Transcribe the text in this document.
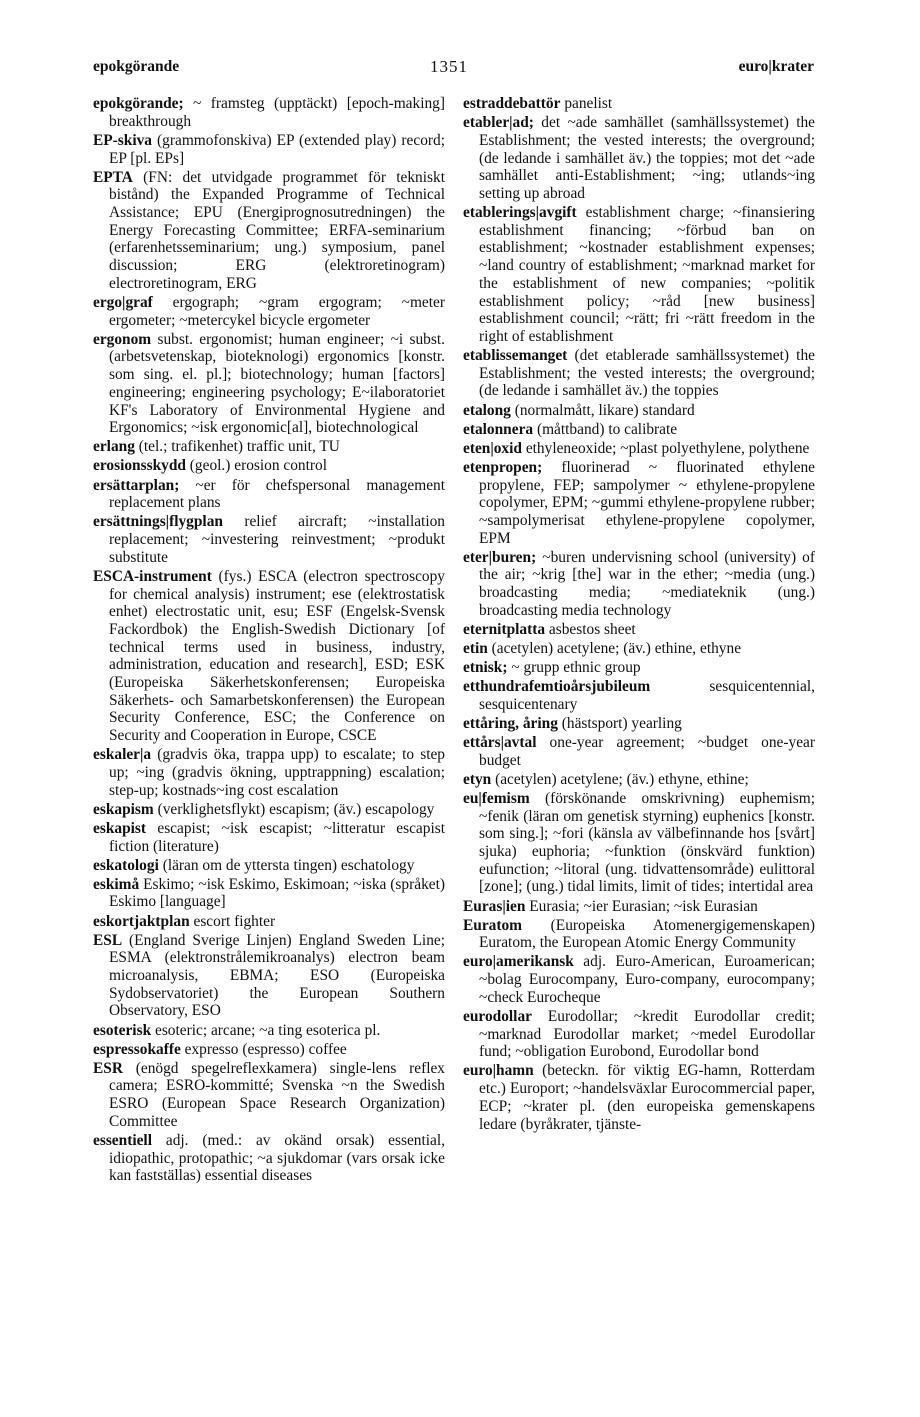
epokgörande	1351	euro|krater

epokgörande; ~ framsteg (upptäckt) [epoch-making] breakthrough

EP-skiva (grammofonskiva) EP (extended play) record; EP [pl. EPs]

EPTA (FN: det utvidgade programmet för tekniskt bistånd) the Expanded Programme of Technical Assistance; EPU (Energiprognosutredningen) the Energy Forecasting Committee; ERFA-seminarium (erfarenhetsseminarium; ung.) symposium, panel discussion; ERG (elektroretinogram) electroretinogram, ERG

ergo|graf ergograph; ~gram ergogram; ~meter ergometer; ~metercykel bicycle ergometer

ergonom subst. ergonomist; human engineer; ~i subst. (arbetsvetenskap, bioteknologi) ergonomics [konstr. som sing. el. pl.]; biotechnology; human [factors] engineering; engineering psychology; E~ilaboratoriet KF's Laboratory of Environmental Hygiene and Ergonomics; ~isk ergonomic[al], biotechnological

erlang (tel.; trafikenhet) traffic unit, TU

erosionsskydd (geol.) erosion control

ersättarplan; ~er för chefspersonal management replacement plans

ersättnings|flygplan relief aircraft; ~installation replacement; ~investering reinvestment; ~produkt substitute

ESCA-instrument (fys.) ESCA (electron spectroscopy for chemical analysis) instrument; ese (elektrostatisk enhet) electrostatic unit, esu; ESF (Engelsk-Svensk Fackordbok) the English-Swedish Dictionary [of technical terms used in business, industry, administration, education and research], ESD; ESK (Europeiska Säkerhetskonferensen; Europeiska Säkerhets- och Samarbetskonferensen) the European Security Conference, ESC; the Conference on Security and Cooperation in Europe, CSCE

eskaler|a (gradvis öka, trappa upp) to escalate; to step up; ~ing (gradvis ökning, upptrappning) escalation; step-up; kostnads~ing cost escalation

eskapism (verklighetsflykt) escapism; (äv.) escapology

eskapist escapist; ~isk escapist; ~litteratur escapist fiction (literature)

eskatologi (läran om de yttersta tingen) eschatology

eskimå Eskimo; ~isk Eskimo, Eskimoan; ~iska (språket) Eskimo [language]

eskortjaktplan escort fighter

ESL (England Sverige Linjen) England Sweden Line; ESMA (elektronstrålemikroanalys) electron beam microanalysis, EBMA; ESO (Europeiska Sydobservatoriet) the European Southern Observatory, ESO

esoterisk esoteric; arcane; ~a ting esoterica pl.

espressokaffe expresso (espresso) coffee

ESR (enögd spegelreflexkamera) single-lens reflex camera; ESRO-kommitté; Svenska ~n the Swedish ESRO (European Space Research Organization) Committee

essentiell adj. (med.: av okänd orsak) essential, idiopathic, protopathic; ~a sjukdomar (vars orsak icke kan fastställas) essential diseases

estraddebattör panelist

etabler|ad; det ~ade samhället (samhällssystemet) the Establishment; the vested interests; the overground; (de ledande i samhället äv.) the toppies; mot det ~ade samhället anti-Establishment; ~ing; utlands~ing setting up abroad

etablerings|avgift establishment charge; ~finansiering establishment financing; ~förbud ban on establishment; ~kostnader establishment expenses; ~land country of establishment; ~marknad market for the establishment of new companies; ~politik establishment policy; ~råd [new business] establishment council; ~rätt; fri ~rätt freedom in the right of establishment

etablissemanget (det etablerade samhällssystemet) the Establishment; the vested interests; the overground; (de ledande i samhället äv.) the toppies

etalong (normalmått, likare) standard

etalonnera (måttband) to calibrate

eten|oxid ethyleneoxide; ~plast polyethylene, polythene

etenpropen; fluorinerad ~ fluorinated ethylene propylene, FEP; sampolymer ~ ethylene-propylene copolymer, EPM; ~gummi ethylene-propylene rubber; ~sampolymerisat ethylene-propylene copolymer, EPM

eter|buren; ~buren undervisning school (university) of the air; ~krig [the] war in the ether; ~media (ung.) broadcasting media; ~mediateknik (ung.) broadcasting media technology

eternitplatta asbestos sheet

etin (acetylen) acetylene; (äv.) ethine, ethyne

etnisk; ~ grupp ethnic group

etthundrafemtioårsjubileum sesquicentennial, sesquicentenary

ettåring, åring (hästsport) yearling

ettårs|avtal one-year agreement; ~budget one-year budget

etyn (acetylen) acetylene; (äv.) ethyne, ethine;

eu|femism (förskönande omskrivning) euphemism; ~fenik (läran om genetisk styrning) euphenics [konstr. som sing.]; ~fori (känsla av välbefinnande hos [svårt] sjuka) euphoria; ~funktion (önskvärd funktion) eufunction; ~litoral (ung. tidvattensområde) eulittoral [zone]; (ung.) tidal limits, limit of tides; intertidal area

Euras|ien Eurasia; ~ier Eurasian; ~isk Eurasian

Euratom (Europeiska Atomenergigemenskapen) Euratom, the European Atomic Energy Community

euro|amerikansk adj. Euro-American, Euroamerican; ~bolag Eurocompany, Euro-company, eurocompany; ~check Eurocheque

eurodollar Eurodollar; ~kredit Eurodollar credit; ~marknad Eurodollar market; ~medel Eurodollar fund; ~obligation Eurobond, Eurodollar bond

euro|hamn (beteckn. för viktig EG-hamn, Rotterdam etc.) Europort; ~handelsväxlar Eurocommercial paper, ECP; ~krater pl. (den europeiska gemenskapens ledare (byråkrater, tjänste-
